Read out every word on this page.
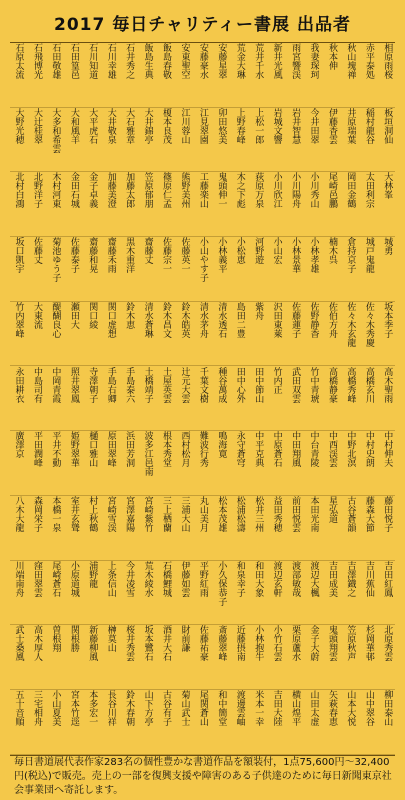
2017 毎日チャリティー書展 出品者
相原雨桜
赤平泰処
秋山塊禅
秋本伸
我妻琛珂
雨宮響渓
新井光風
荒井千水
荒金大琳
安藤星翠
安藤豪水
安東聖空
飯島春敬
飯島生典
石井秀之
石川幸雄
石川知道
石田篁邑
石田敬雄
石飛博光
石原太流
板垣洞仙
稲村龍谷
井原瑞葉
伊藤香雲
今井田翠
岩井智慧
岩城文響
上松一郎
上野春峰
卯田悠美
江見翠園
江川蓉山
榎本良茂
大井錦亭
大石雅章
大井敬泉
大平虎石
大和風羊
大多和希雲
大辻桂翠
大野光穂
大林峯
太田利宗
岡田金鶴
尾崎邑鵬
小川秀山
小川陽舟
小川欣江
荻原万泉
木之下彪
鬼頭伸一
工藤楽山
熊野美州
篠原仁孟
笠原郁朋
加藤太郎
加藤美澄
金子卓義
金田石城
木村河東
北野洋子
北村白鴻
城勇
城戸鬼龍
倉持京子
楠木呉
小林孝雄
小林景華
小山宏
河野遊
小松恵
小林義平
小山やす子
佐藤英一
佐藤宗一
齋藤丈
黒木重洋
齋藤禾雨
齋藤和晃
佐藤泰子
菊池ゆう子
佐藤丈
坂口凱宇
坂本季子
佐々木秀慶
佐々木玄龍
佐伯方舟
佐野静香
佐藤蓮子
沢田東萊
紫舟
島田二豊
清水透石
清水茅舟
鈴木皓英
鈴木昌文
清水蒼琳
鈴木恵
関口虚想
関口綾
瀬田大
醍醐良心
大東流
竹内翠峰
高木聖雨
高橋玄川
高橋秀峰
高橋静豪
竹中青琥
武田双雲
竹内正
田中節山
田中心外
種谷萬成
千葉文樹
辻元大雲
土屋英雲
土橋靖子
手島泰六
手島右卿
寺澤朝子
照井翠鳳
中岡青霞
中島司有
永田耕衣
中村伸夫
中村史朗
中野北溟
中西渓雲
中台青陵
中田翔風
中原蒼石
中平克典
永守蒼穹
鳴海寛
難波行秀
西村松月
根本秀堂
波多江邑南
浜田芳洞
原田翠峰
樋口雅山
姫野翠華
平井不動
平田潤峰
廣澤京
藤田悦子
藤森大節
古谷蒼韻
星弘道
本田光南
前田悦雲
益田秀穂
松井三州
松浦松濤
松本茂雄
丸山美月
三浦大山
三上栖蘭
宮崎紫竹
宮澤嘉陽
宮崎雪渓
村上秋鶴
室井玄聳
本橋一泉
森岡栄子
八木大龍
吉田紅鳳
吉川蕉仙
吉澤鐡之
吉田成美
渡辺大楓
渡部敏哉
渡辺玄軒
和田大象
和泉幸子
小久保恭子
平野紅雨
伊藤如雲
石橋鯉城
荒木綾水
今井凌雪
上条信山
浦野龍
小原道城
尾崎蒼石
窪田翠雲
川端南舟
北原秀雲
杉岡華邨
笠原秋声
鬼頭翔雲
金子大蔚
栗原蘆水
小竹石雲
小林抱牛
近藤摂南
斎藤翠峰
佐藤祐豪
財前謙
酒井大石
坂本鷺石
桜井秀雲
榊莫山
新藤柳風
関根勝
曽根翔
高木厚人
武士桑風
柳田泰山
山中翠谷
山本大悦
矢萩春恵
山田太虚
横山煌平
吉田大陸
米本一幸
渡邊雲岫
和中簡堂
尾関蒼山
菊山武士
古谷有子
山下方亭
鈴木春朝
長谷川祥
本多宏一
宮本竹逕
小山夏美
三宅相舟
五十音順
毎日書道展代表作家283名の個性豊かな書道作品を額装付，1点75,600円〜32,400円(税込)で販売。売上の一部を復興支援や障害のある子供達のために毎日新聞東京社会事業団へ寄託します。
